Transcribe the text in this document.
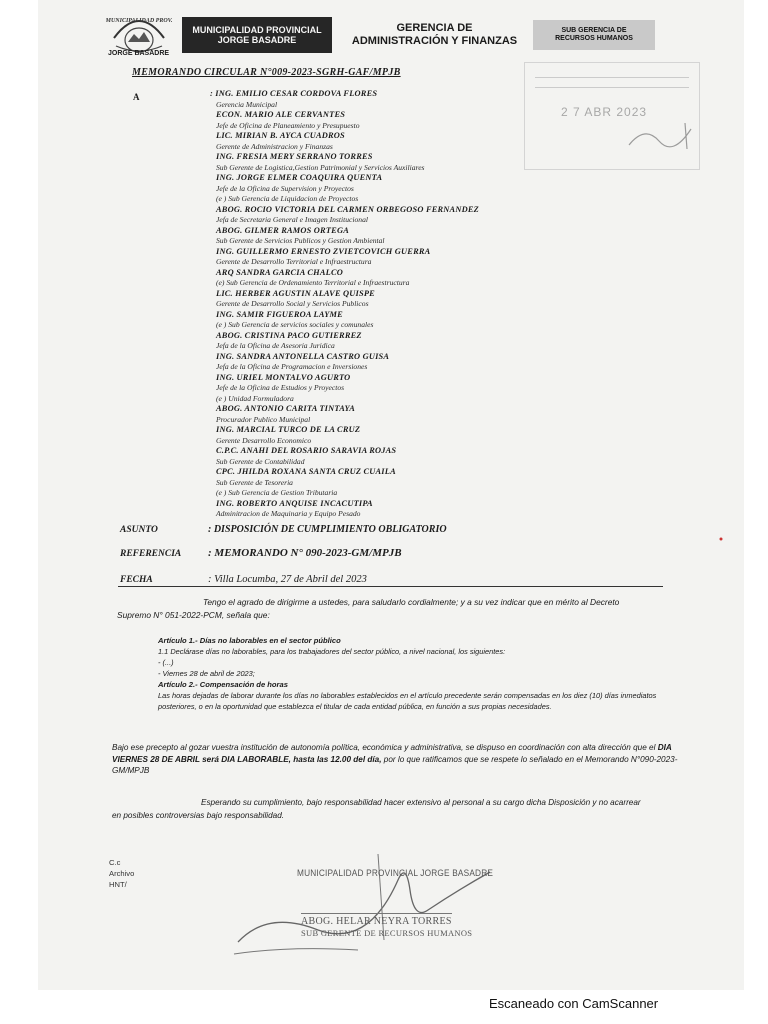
MUNICIPALIDAD PROV.
JORGE BASADRE
MUNICIPALIDAD PROVINCIAL
JORGE BASADRE
GERENCIA DE
ADMINISTRACIÓN Y FINANZAS
SUB GERENCIA DE
RECURSOS HUMANOS
2 7 ABR 2023
MEMORANDO CIRCULAR N°009-2023-SGRH-GAF/MPJB
A	: ING. EMILIO CESAR CORDOVA FLORES
Gerencia Municipal
ECON. MARIO ALE CERVANTES
Jefe de Oficina de Planeamiento y Presupuesto
LIC. MIRIAN B. AYCA CUADROS
Gerente de Administracion y Finanzas
ING. FRESIA MERY SERRANO TORRES
Sub Gerente de Logistica,Gestion Patrimonial y Servicios Auxiliares
ING. JORGE ELMER COAQUIRA QUENTA
Jefe de la Oficina de Supervision y Proyectos
(e ) Sub Gerencia de Liquidacion de Proyectos
ABOG. ROCIO VICTORIA DEL CARMEN ORBEGOSO FERNANDEZ
Jefa de Secretaria General e Imagen Institucional
ABOG. GILMER RAMOS ORTEGA
Sub Gerente de Servicios Publicos y Gestion Ambiental
ING. GUILLERMO ERNESTO ZVIETCOVICH GUERRA
Gerente de Desarrollo Territorial e Infraestructura
ARQ SANDRA GARCIA CHALCO
(e) Sub Gerencia de Ordenamiento Territorial e Infraestructura
LIC. HERBER AGUSTIN ALAVE QUISPE
Gerente de Desarrollo Social y Servicios Publicos
ING. SAMIR FIGUEROA LAYME
(e ) Sub Gerencia de servicios sociales y comunales
ABOG. CRISTINA PACO GUTIERREZ
Jefa de la Oficina de Asesoria Juridica
ING. SANDRA ANTONELLA CASTRO GUISA
Jefa de la Oficina de Programacion e Inversiones
ING. URIEL MONTALVO AGURTO
Jefe de la Oficina de Estudios y Proyectos
(e ) Unidad Formuladora
ABOG. ANTONIO CARITA TINTAYA
Procurador Publico Municipal
ING. MARCIAL TURCO DE LA CRUZ
Gerente Desarrollo Economico
C.P.C. ANAHI DEL ROSARIO SARAVIA ROJAS
Sub Gerente de Contabilidad
CPC. JHILDA ROXANA SANTA CRUZ CUAILA
Sub Gerente de Tesoreria
(e ) Sub Gerencia de Gestion Tributaria
ING. ROBERTO ANQUISE INCACUTIPA
Adminitracion de Maquinaria y Equipo Pesado
ASUNTO	: DISPOSICIÓN DE CUMPLIMIENTO OBLIGATORIO
REFERENCIA : MEMORANDO N° 090-2023-GM/MPJB
FECHA	: Villa Locumba, 27 de Abril del 2023
Tengo el agrado de dirigirme a ustedes, para saludarlo cordialmente; y a su vez indicar que en mérito al Decreto Supremo N° 051-2022-PCM, señala que:
Artículo 1.- Días no laborables en el sector público
1.1 Declárase días no laborables, para los trabajadores del sector público, a nivel nacional, los siguientes:
- (...)
- Viernes 28 de abril de 2023;
Artículo 2.- Compensación de horas
Las horas dejadas de laborar durante los días no laborables establecidos en el artículo precedente serán compensadas en los diez (10) días inmediatos posteriores, o en la oportunidad que establezca el titular de cada entidad pública, en función a sus propias necesidades.
Bajo ese precepto al gozar vuestra institución de autonomía política, económica y administrativa, se dispuso en coordinación con alta dirección que el DIA VIERNES 28 DE ABRIL será DIA LABORABLE, hasta las 12.00 del día, por lo que ratificamos que se respete lo señalado en el Memorando N°090-2023-GM/MPJB
Esperando su cumplimiento, bajo responsabilidad hacer extensivo al personal a su cargo dicha Disposición y no acarrear en posibles controversias bajo responsabilidad.
C.c
Archivo
HNT/
MUNICIPALIDAD PROVINCIAL JORGE BASADRE
ABOG. HELAR NEYRA TORRES
SUB GERENTE DE RECURSOS HUMANOS
Escaneado con CamScanner
